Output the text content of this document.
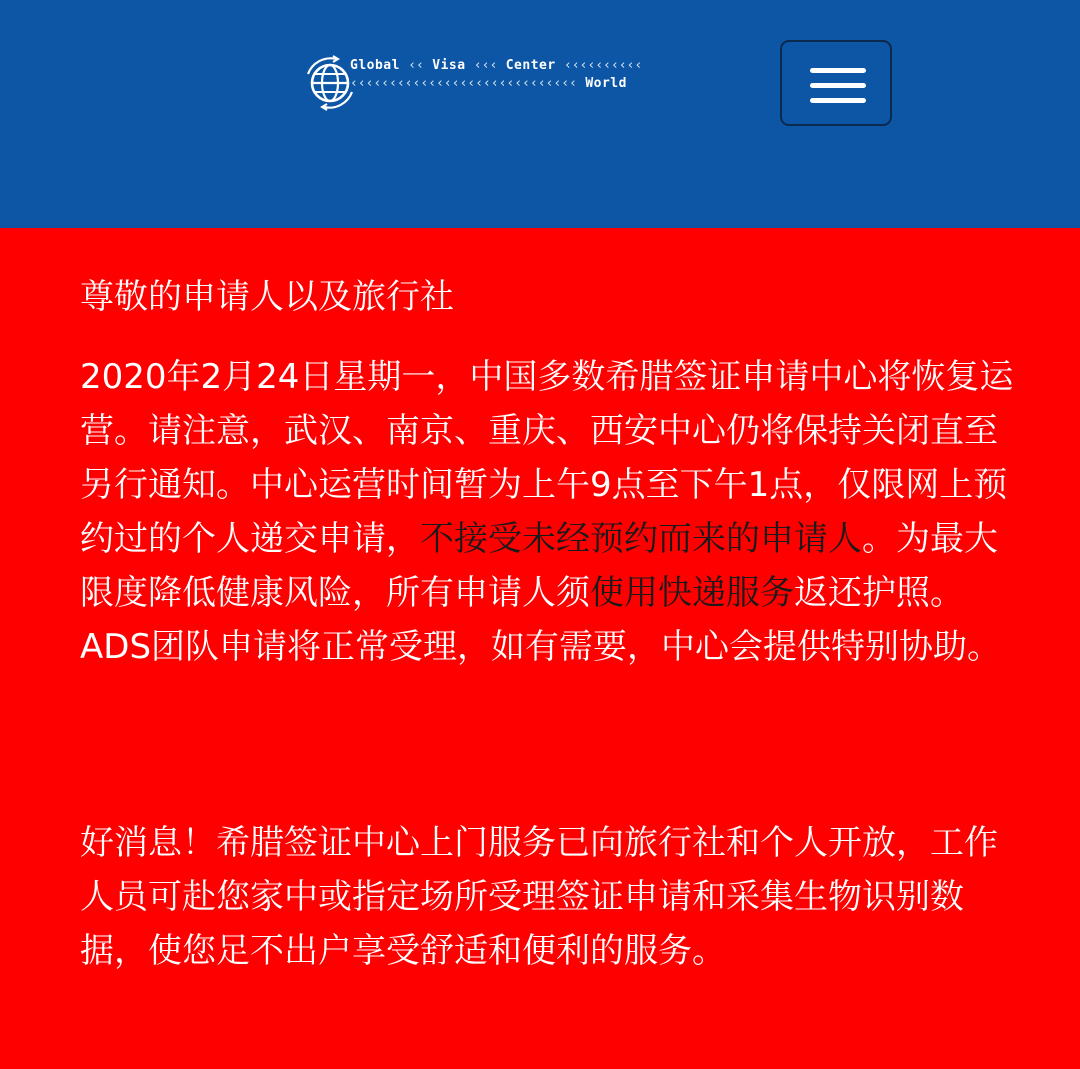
Global ‹‹ Visa ‹‹‹ Center ‹‹‹‹‹‹‹‹‹‹
‹‹‹‹‹‹‹‹‹‹‹‹‹‹‹‹‹‹‹‹‹‹‹‹‹‹‹‹‹ World

尊敬的申请人以及旅行社

2020年2月24日星期一，中国多数希腊签证申请中心将恢复运营。请注意，武汉、南京、重庆、西安中心仍将保持关闭直至另行通知。中心运营时间暂为上午9点至下午1点，仅限网上预约过的个人递交申请，不接受未经预约而来的申请人。为最大限度降低健康风险，所有申请人须使用快递服务返还护照。ADS团队申请将正常受理，如有需要，中心会提供特别协助。

好消息！希腊签证中心上门服务已向旅行社和个人开放，工作人员可赴您家中或指定场所受理签证申请和采集生物识别数据，使您足不出户享受舒适和便利的服务。
